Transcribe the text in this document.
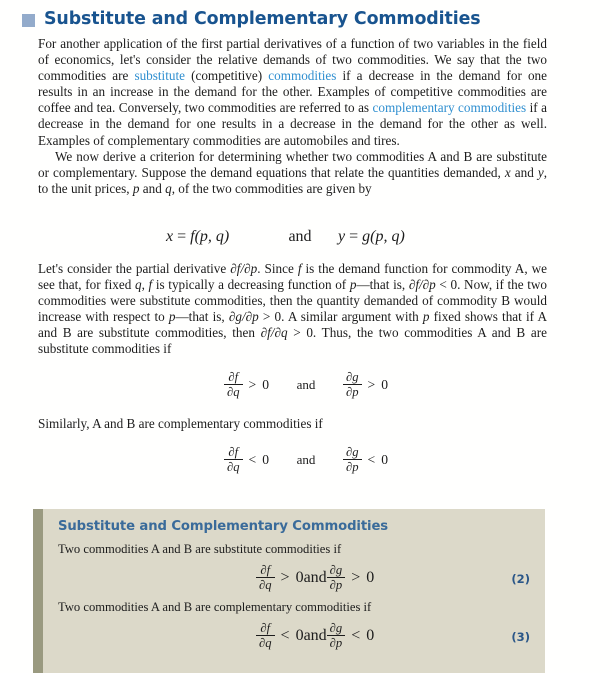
Substitute and Complementary Commodities

For another application of the first partial derivatives of a function of two variables in the field of economics, let's consider the relative demands of two commodities. We say that the two commodities are substitute (competitive) commodities if a decrease in the demand for one results in an increase in the demand for the other. Examples of competitive commodities are coffee and tea. Conversely, two commodities are referred to as complementary commodities if a decrease in the demand for one results in a decrease in the demand for the other as well. Examples of complementary commodities are automobiles and tires.

We now derive a criterion for determining whether two commodities A and B are substitute or complementary. Suppose the demand equations that relate the quantities demanded, x and y, to the unit prices, p and q, of the two commodities are given by

x = f(p, q)	and	y = g(p, q)

Let's consider the partial derivative ∂f/∂p. Since f is the demand function for commodity A, we see that, for fixed q, f is typically a decreasing function of p—that is, ∂f/∂p < 0. Now, if the two commodities were substitute commodities, then the quantity demanded of commodity B would increase with respect to p—that is, ∂g/∂p > 0. A similar argument with p fixed shows that if A and B are substitute commodities, then ∂f/∂q > 0. Thus, the two commodities A and B are substitute commodities if

$\frac{\partial f}{\partial q} > 0$	and	$\frac{\partial g}{\partial p} > 0$
Similarly, A and B are complementary commodities if
$\frac{\partial f}{\partial q} < 0$	and	$\frac{\partial g}{\partial p} < 0$
Substitute and Complementary Commodities
Two commodities A and B are substitute commodities if
$\frac{\partial f}{\partial q} > 0$ and $\frac{\partial g}{\partial p} > 0$	(2)
Two commodities A and B are complementary commodities if
$\frac{\partial f}{\partial q} < 0$ and $\frac{\partial g}{\partial p} < 0$	(3)
